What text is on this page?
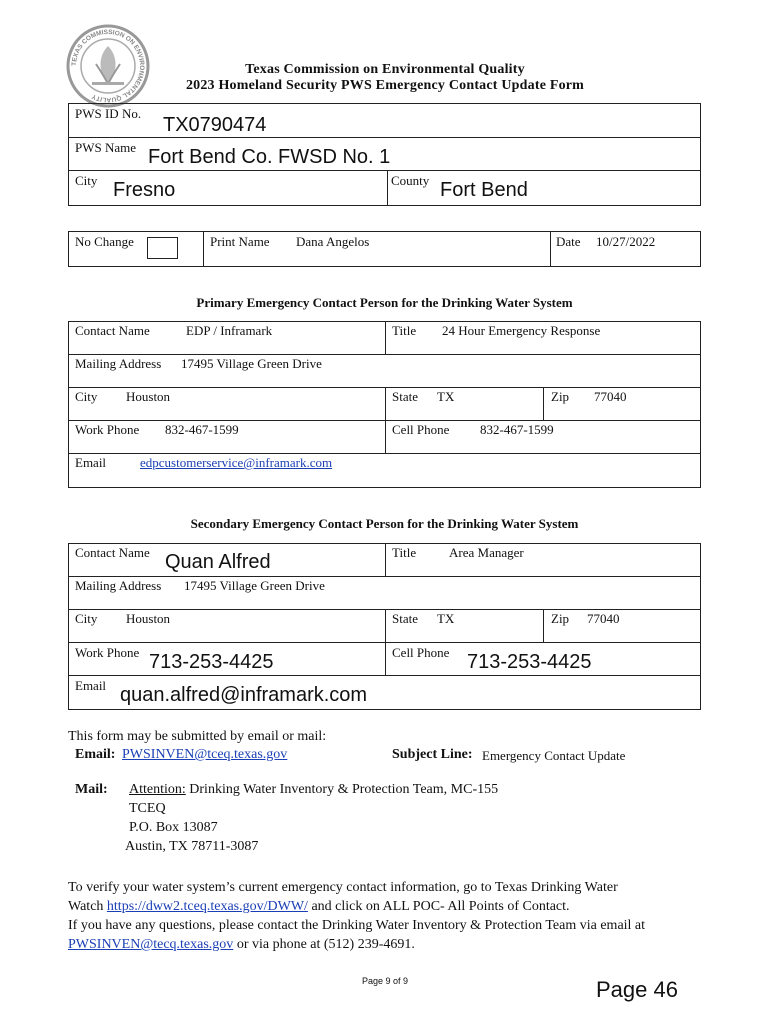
TEXAS COMMISSION ON ENVIRONMENTAL QUALITY
Texas Commission on Environmental Quality
2023 Homeland Security PWS Emergency Contact Update Form
PWS ID No.
TX0790474
PWS Name Fort Bend Co. FWSD No. 1
City Fresno	County Fort Bend
No Change	Print Name Dana Angelos	Date 10/27/2022
Primary Emergency Contact Person for the Drinking Water System
Contact Name	EDP / Inframark	Title 24 Hour Emergency Response
Mailing Address 17495 Village Green Drive
City Houston	State TX	Zip 77040
Work Phone 832-467-1599	Cell Phone 832-467-1599
Email	edpcustomerservice@inframark.com
Secondary Emergency Contact Person for the Drinking Water System
Contact Name Quan Alfred	Title	Area Manager
Mailing Address 17495 Village Green Drive
City Houston	State TX	Zip 77040
Work Phone 713-253-4425	Cell Phone 713-253-4425
Email quan.alfred@inframark.com
This form may be submitted by email or mail:
Email: PWSINVEN@tceq.texas.gov	Subject Line: Emergency Contact Update
Mail: Attention: Drinking Water Inventory & Protection Team, MC-155
TCEQ
P.O. Box 13087
Austin, TX 78711-3087
To verify your water system’s current emergency contact information, go to Texas Drinking Water
Watch https://dww2.tceq.texas.gov/DWW/ and click on ALL POC- All Points of Contact.
If you have any questions, please contact the Drinking Water Inventory & Protection Team via email at
PWSINVEN@tecq.texas.gov or via phone at (512) 239-4691.
Page 9 of 9	Page 46
